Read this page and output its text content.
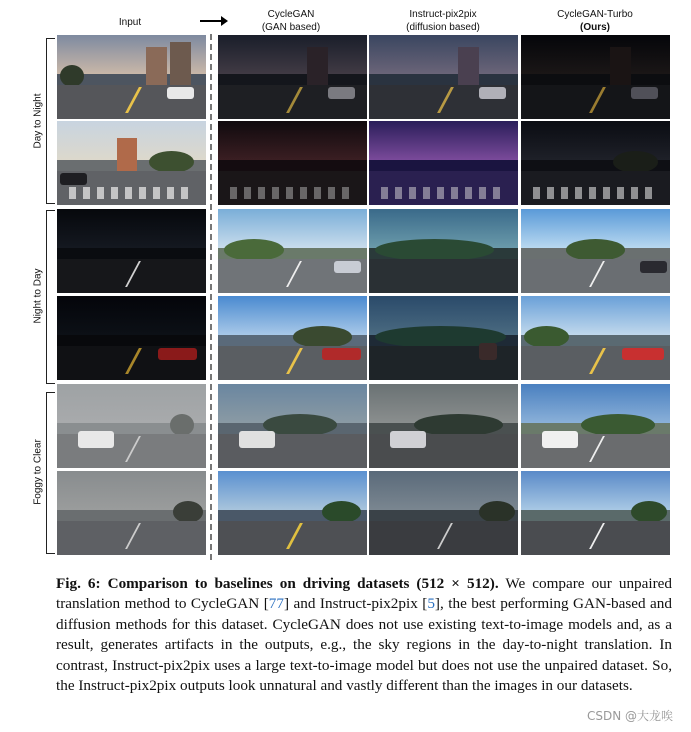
Input
CycleGAN
(GAN based)
Instruct-pix2pix
(diffusion based)
CycleGAN-Turbo
(Ours)
Day to Night
Night to Day
Foggy to Clear
Fig. 6: Comparison to baselines on driving datasets (512 × 512). We compare our unpaired translation method to CycleGAN [77] and Instruct-pix2pix [5], the best performing GAN-based and diffusion methods for this dataset. CycleGAN does not use existing text-to-image models and, as a result, generates artifacts in the outputs, e.g., the sky regions in the day-to-night translation. In contrast, Instruct-pix2pix uses a large text-to-image model but does not use the unpaired dataset. So, the Instruct-pix2pix outputs look unnatural and vastly different than the images in our datasets.
CSDN @大龙唉
